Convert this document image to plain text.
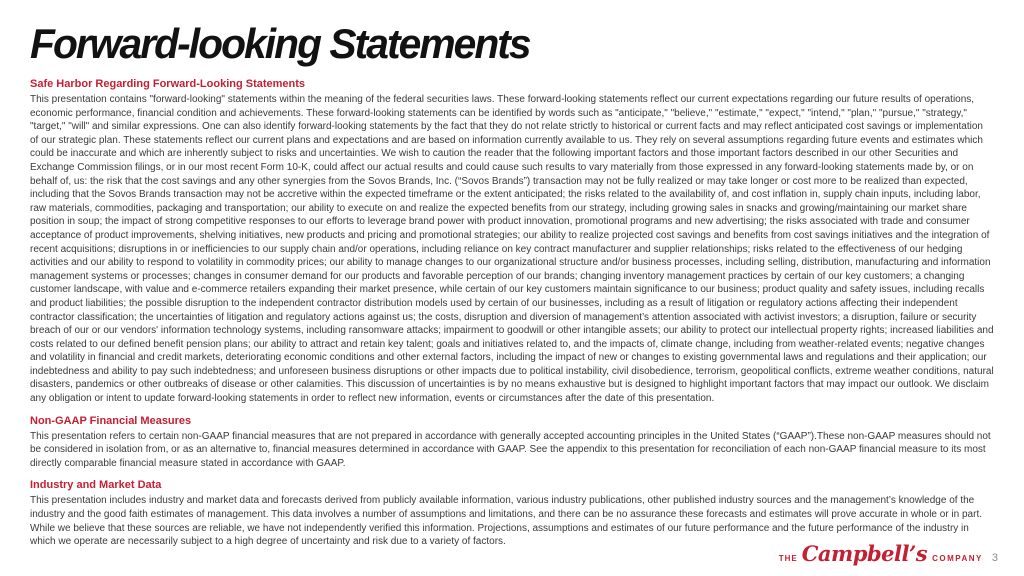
Forward-looking Statements
Safe Harbor Regarding Forward-Looking Statements

This presentation contains "forward-looking" statements within the meaning of the federal securities laws. These forward-looking statements reflect our current expectations regarding our future results of operations, economic performance, financial condition and achievements. These forward-looking statements can be identified by words such as "anticipate," "believe," "estimate," "expect," "intend," "plan," "pursue," "strategy," "target," "will" and similar expressions. One can also identify forward-looking statements by the fact that they do not relate strictly to historical or current facts and may reflect anticipated cost savings or implementation of our strategic plan. These statements reflect our current plans and expectations and are based on information currently available to us. They rely on several assumptions regarding future events and estimates which could be inaccurate and which are inherently subject to risks and uncertainties. We wish to caution the reader that the following important factors and those important factors described in our other Securities and Exchange Commission filings, or in our most recent Form 10-K, could affect our actual results and could cause such results to vary materially from those expressed in any forward-looking statements made by, or on behalf of, us: the risk that the cost savings and any other synergies from the Sovos Brands, Inc. (“Sovos Brands”) transaction may not be fully realized or may take longer or cost more to be realized than expected, including that the Sovos Brands transaction may not be accretive within the expected timeframe or the extent anticipated; the risks related to the availability of, and cost inflation in, supply chain inputs, including labor, raw materials, commodities, packaging and transportation; our ability to execute on and realize the expected benefits from our strategy, including growing sales in snacks and growing/maintaining our market share position in soup; the impact of strong competitive responses to our efforts to leverage brand power with product innovation, promotional programs and new advertising; the risks associated with trade and consumer acceptance of product improvements, shelving initiatives, new products and pricing and promotional strategies; our ability to realize projected cost savings and benefits from cost savings initiatives and the integration of recent acquisitions; disruptions in or inefficiencies to our supply chain and/or operations, including reliance on key contract manufacturer and supplier relationships; risks related to the effectiveness of our hedging activities and our ability to respond to volatility in commodity prices; our ability to manage changes to our organizational structure and/or business processes, including selling, distribution, manufacturing and information management systems or processes; changes in consumer demand for our products and favorable perception of our brands; changing inventory management practices by certain of our key customers; a changing customer landscape, with value and e-commerce retailers expanding their market presence, while certain of our key customers maintain significance to our business; product quality and safety issues, including recalls and product liabilities; the possible disruption to the independent contractor distribution models used by certain of our businesses, including as a result of litigation or regulatory actions affecting their independent contractor classification; the uncertainties of litigation and regulatory actions against us; the costs, disruption and diversion of management’s attention associated with activist investors; a disruption, failure or security breach of our or our vendors' information technology systems, including ransomware attacks; impairment to goodwill or other intangible assets; our ability to protect our intellectual property rights; increased liabilities and costs related to our defined benefit pension plans; our ability to attract and retain key talent; goals and initiatives related to, and the impacts of, climate change, including from weather-related events; negative changes and volatility in financial and credit markets, deteriorating economic conditions and other external factors, including the impact of new or changes to existing governmental laws and regulations and their application; our indebtedness and ability to pay such indebtedness; and unforeseen business disruptions or other impacts due to political instability, civil disobedience, terrorism, geopolitical conflicts, extreme weather conditions, natural disasters, pandemics or other outbreaks of disease or other calamities. This discussion of uncertainties is by no means exhaustive but is designed to highlight important factors that may impact our outlook. We disclaim any obligation or intent to update forward-looking statements in order to reflect new information, events or circumstances after the date of this presentation.

Non-GAAP Financial Measures

This presentation refers to certain non-GAAP financial measures that are not prepared in accordance with generally accepted accounting principles in the United States (“GAAP”).These non-GAAP measures should not be considered in isolation from, or as an alternative to, financial measures determined in accordance with GAAP. See the appendix to this presentation for reconciliation of each non-GAAP financial measure to its most directly comparable financial measure stated in accordance with GAAP.

Industry and Market Data

This presentation includes industry and market data and forecasts derived from publicly available information, various industry publications, other published industry sources and the management’s knowledge of the industry and the good faith estimates of management. This data involves a number of assumptions and limitations, and there can be no assurance these forecasts and estimates will prove accurate in whole or in part. While we believe that these sources are reliable, we have not independently verified this information. Projections, assumptions and estimates of our future performance and the future performance of the industry in which we operate are necessarily subject to a high degree of uncertainty and risk due to a variety of factors.

THE Campbell’s COMPANY 3
